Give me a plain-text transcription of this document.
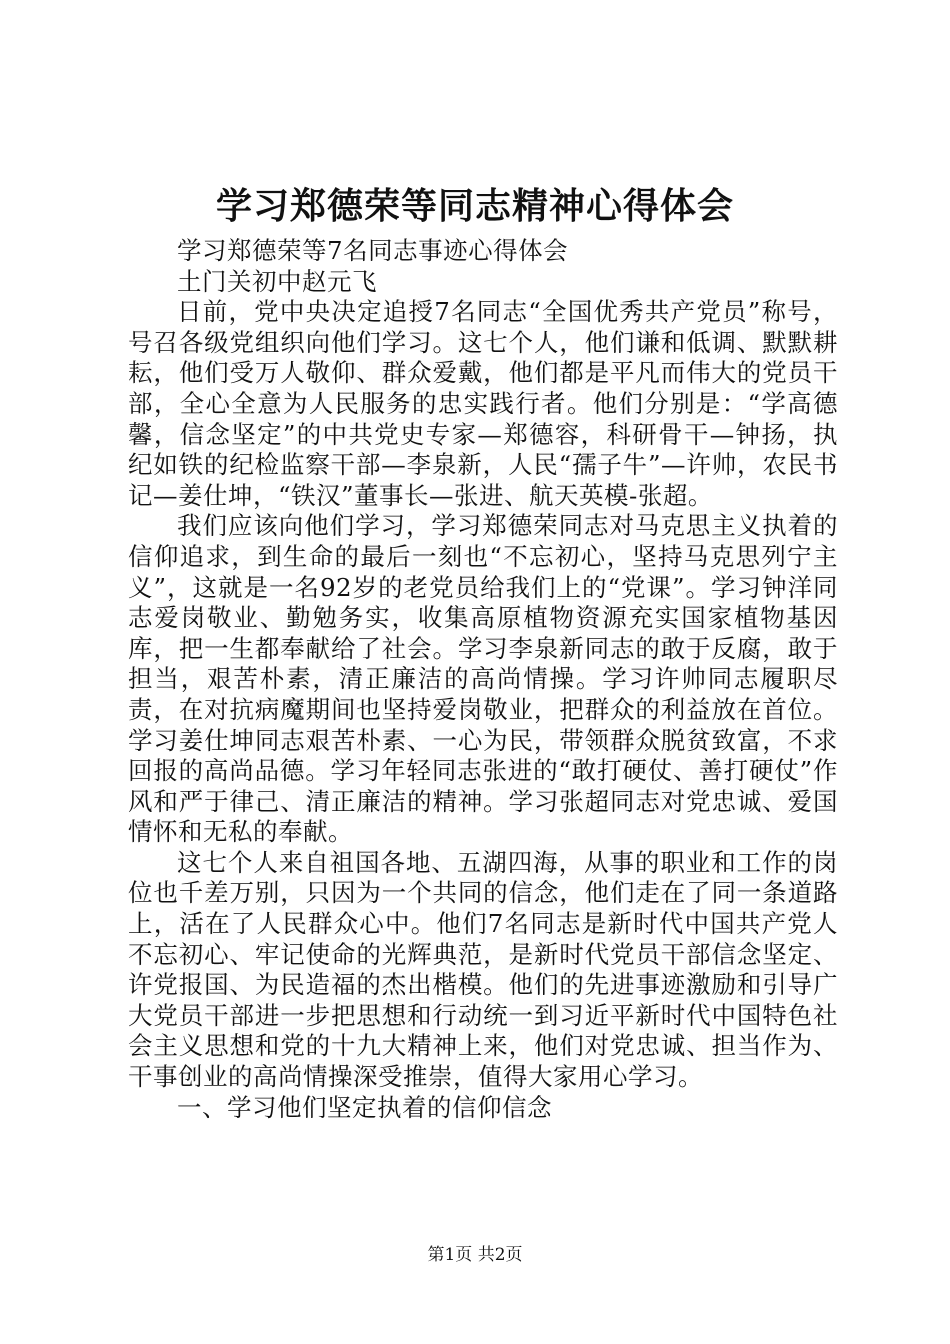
学习郑德荣等同志精神心得体会

学习郑德荣等7名同志事迹心得体会

土门关初中赵元飞

日前，党中央决定追授7名同志“全国优秀共产党员”称号，号召各级党组织向他们学习。这七个人，他们谦和低调、默默耕耘，他们受万人敬仰、群众爱戴，他们都是平凡而伟大的党员干部，全心全意为人民服务的忠实践行者。他们分别是：“学高德馨，信念坚定”的中共党史专家—郑德容，科研骨干—钟扬，执纪如铁的纪检监察干部—李泉新，人民“孺子牛”—许帅，农民书记—姜仕坤，“铁汉”董事长—张进、航天英模-张超。

我们应该向他们学习，学习郑德荣同志对马克思主义执着的信仰追求，到生命的最后一刻也“不忘初心，坚持马克思列宁主义”，这就是一名92岁的老党员给我们上的“党课”。学习钟洋同志爱岗敬业、勤勉务实，收集高原植物资源充实国家植物基因库，把一生都奉献给了社会。学习李泉新同志的敢于反腐，敢于担当，艰苦朴素，清正廉洁的高尚情操。学习许帅同志履职尽责，在对抗病魔期间也坚持爱岗敬业，把群众的利益放在首位。学习姜仕坤同志艰苦朴素、一心为民，带领群众脱贫致富，不求回报的高尚品德。学习年轻同志张进的“敢打硬仗、善打硬仗”作风和严于律己、清正廉洁的精神。学习张超同志对党忠诚、爱国情怀和无私的奉献。

这七个人来自祖国各地、五湖四海，从事的职业和工作的岗位也千差万别，只因为一个共同的信念，他们走在了同一条道路上，活在了人民群众心中。他们7名同志是新时代中国共产党人不忘初心、牢记使命的光辉典范，是新时代党员干部信念坚定、许党报国、为民造福的杰出楷模。他们的先进事迹激励和引导广大党员干部进一步把思想和行动统一到习近平新时代中国特色社会主义思想和党的十九大精神上来，他们对党忠诚、担当作为、干事创业的高尚情操深受推崇，值得大家用心学习。

一、学习他们坚定执着的信仰信念

第1页 共2页
